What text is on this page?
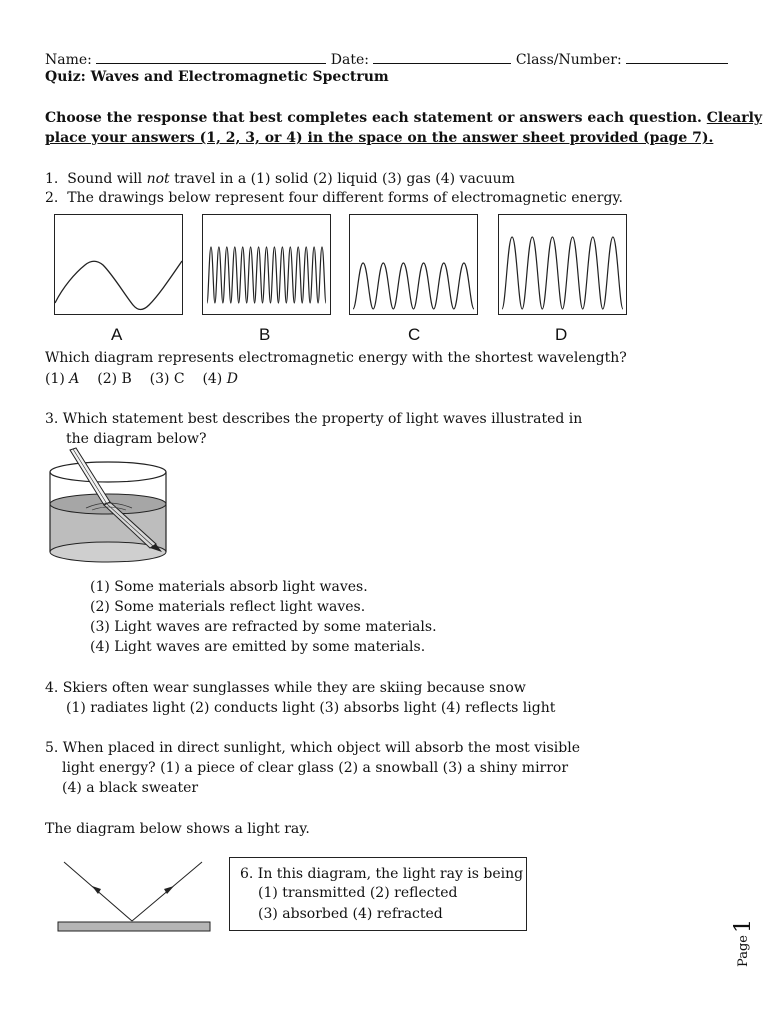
Name:	Date:	Class/Number:
Quiz: Waves and Electromagnetic Spectrum
Choose the response that best completes each statement or answers each question. Clearly
place your answers (1, 2, 3, or 4) in the space on the answer sheet provided (page 7).
1. Sound will not travel in a (1) solid (2) liquid (3) gas (4) vacuum
2. The drawings below represent four different forms of electromagnetic energy.
A	B	C	D
Which diagram represents electromagnetic energy with the shortest wavelength?
(1) A (2) B (3) C (4) D
3. Which statement best describes the property of light waves illustrated in
the diagram below?
(1) Some materials absorb light waves.
(2) Some materials reflect light waves.
(3) Light waves are refracted by some materials.
(4) Light waves are emitted by some materials.
4. Skiers often wear sunglasses while they are skiing because snow
(1) radiates light (2) conducts light (3) absorbs light (4) reflects light
5. When placed in direct sunlight, which object will absorb the most visible
light energy? (1) a piece of clear glass (2) a snowball (3) a shiny mirror
(4) a black sweater
The diagram below shows a light ray.
6. In this diagram, the light ray is being
(1) transmitted (2) reflected
(3) absorbed (4) refracted
Page
1
